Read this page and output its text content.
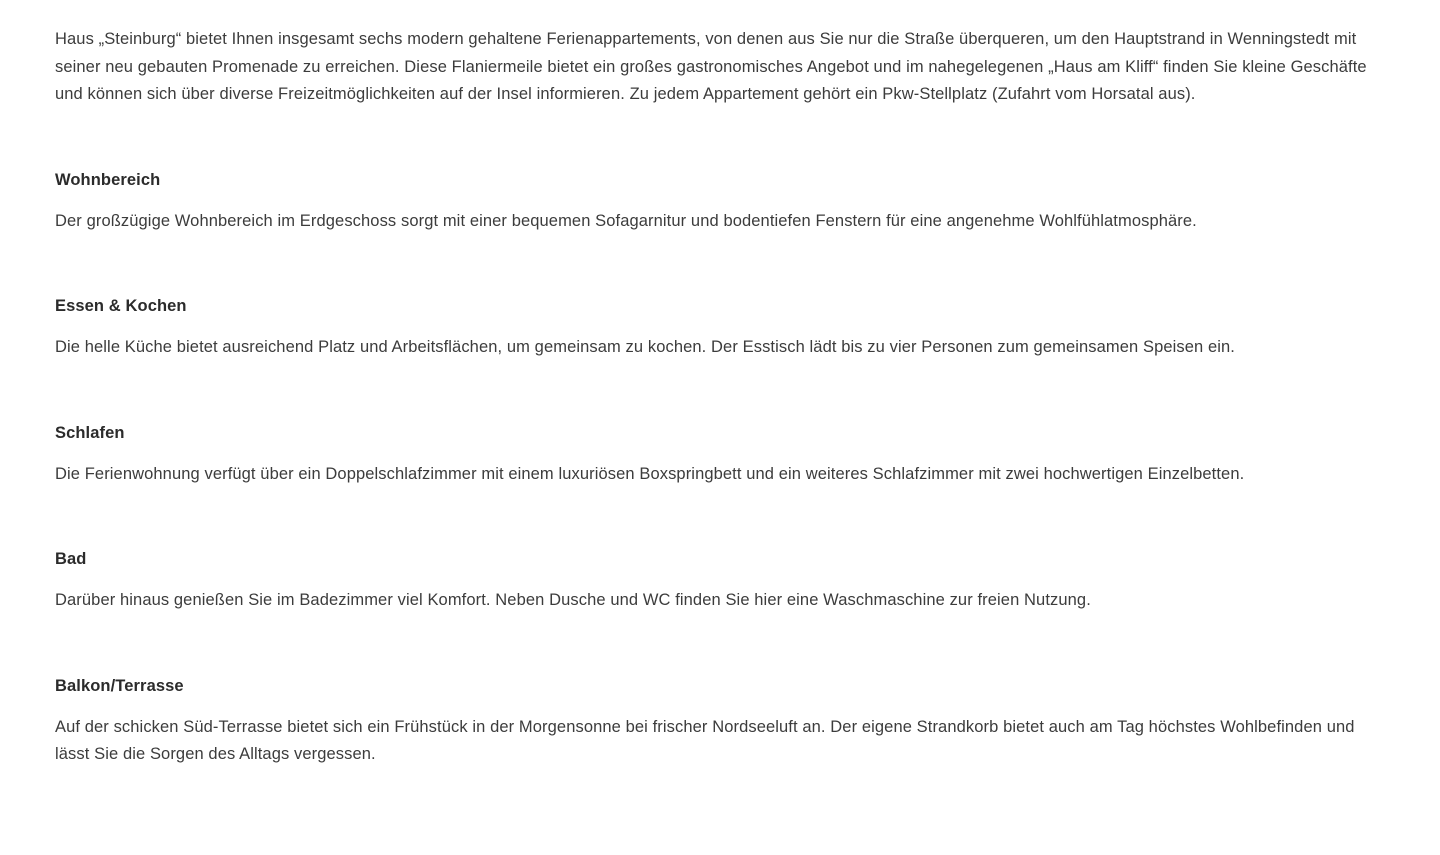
Haus „Steinburg“ bietet Ihnen insgesamt sechs modern gehaltene Ferienappartements, von denen aus Sie nur die Straße überqueren, um den Hauptstrand in Wenningstedt mit seiner neu gebauten Promenade zu erreichen. Diese Flaniermeile bietet ein großes gastronomisches Angebot und im nahegelegenen „Haus am Kliff“ finden Sie kleine Geschäfte und können sich über diverse Freizeitmöglichkeiten auf der Insel informieren. Zu jedem Appartement gehört ein Pkw-Stellplatz (Zufahrt vom Horsatal aus).

Wohnbereich

Der großzügige Wohnbereich im Erdgeschoss sorgt mit einer bequemen Sofagarnitur und bodentiefen Fenstern für eine angenehme Wohlfühlatmosphäre.

Essen & Kochen

Die helle Küche bietet ausreichend Platz und Arbeitsflächen, um gemeinsam zu kochen. Der Esstisch lädt bis zu vier Personen zum gemeinsamen Speisen ein.

Schlafen

Die Ferienwohnung verfügt über ein Doppelschlafzimmer mit einem luxuriösen Boxspringbett und ein weiteres Schlafzimmer mit zwei hochwertigen Einzelbetten.

Bad

Darüber hinaus genießen Sie im Badezimmer viel Komfort. Neben Dusche und WC finden Sie hier eine Waschmaschine zur freien Nutzung.

Balkon/Terrasse

Auf der schicken Süd-Terrasse bietet sich ein Frühstück in der Morgensonne bei frischer Nordseeluft an. Der eigene Strandkorb bietet auch am Tag höchstes Wohlbefinden und lässt Sie die Sorgen des Alltags vergessen.
